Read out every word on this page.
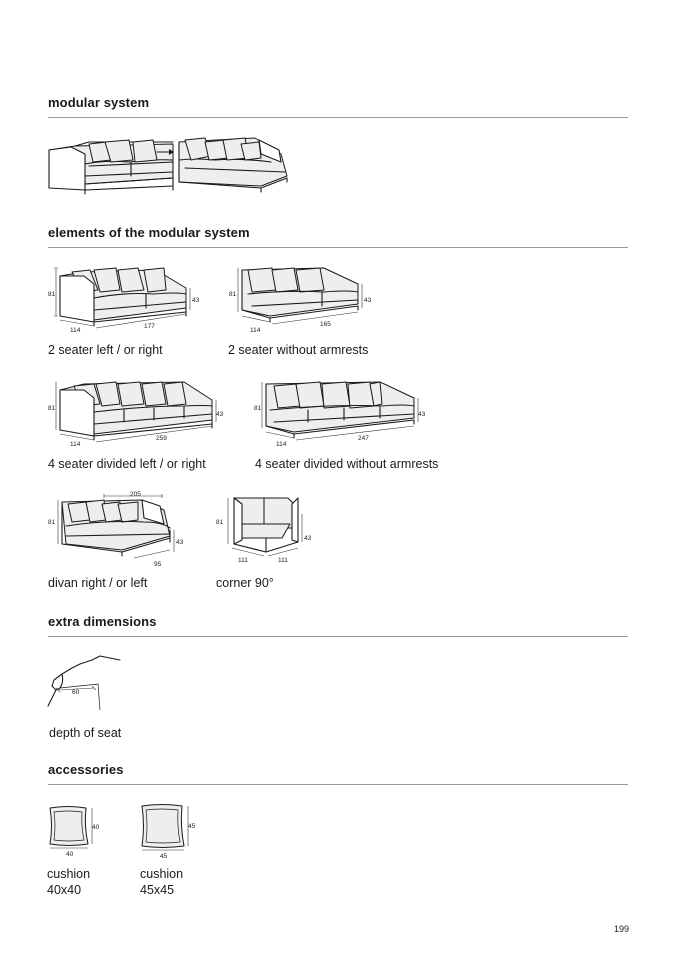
modular system
elements of the modular system
81
43
114
177
2 seater left / or right
81
43
114
165
2 seater without armrests
81
43
114
259
4 seater divided left / or right
81
43
114
247
4 seater divided without armrests
205
81
43
95
divan right / or left
81
43
111	111
corner 90°
extra dimensions
60
depth of seat
accessories
40
40
cushion
40x40
45
45
cushion
45x45
199
